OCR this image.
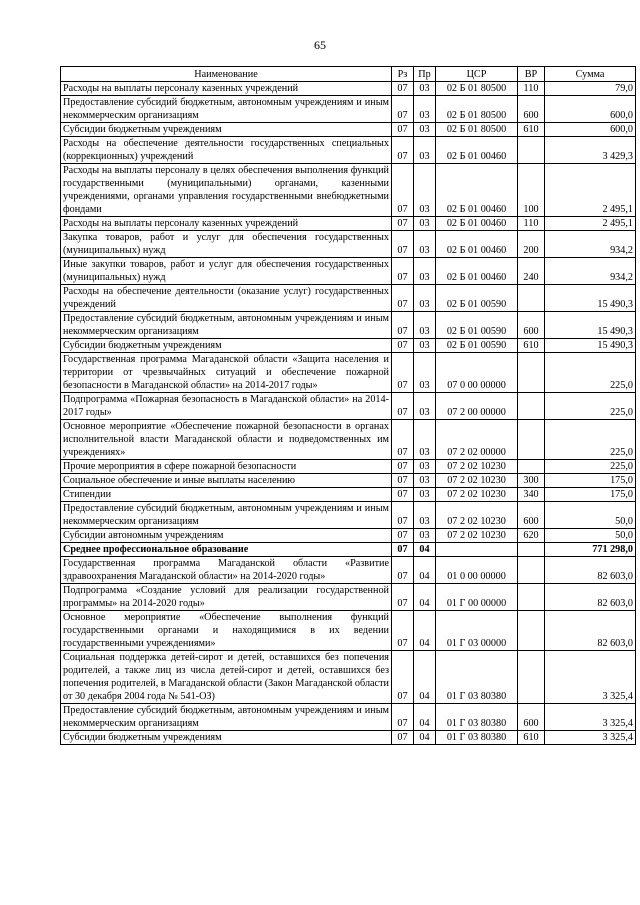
65
Наименование	Рз	Пр	ЦСР	ВР	Сумма
Расходы на выплаты персоналу казенных учреждений	07	03	02 Б 01 80500	110	79,0
Предоставление субсидий бюджетным, автономным учреждениям и иным некоммерческим организациям	07	03	02 Б 01 80500	600	600,0
Субсидии бюджетным учреждениям	07	03	02 Б 01 80500	610	600,0
Расходы на обеспечение деятельности государственных специальных (коррекционных) учреждений	07	03	02 Б 01 00460		3 429,3
Расходы на выплаты персоналу в целях обеспечения выполнения функций государственными (муниципальными) органами, казенными учреждениями, органами управления государственными внебюджетными фондами	07	03	02 Б 01 00460	100	2 495,1
Расходы на выплаты персоналу казенных учреждений	07	03	02 Б 01 00460	110	2 495,1
Закупка товаров, работ и услуг для обеспечения государственных (муниципальных) нужд	07	03	02 Б 01 00460	200	934,2
Иные закупки товаров, работ и услуг для обеспечения государственных (муниципальных) нужд	07	03	02 Б 01 00460	240	934,2
Расходы на обеспечение деятельности (оказание услуг) государственных учреждений	07	03	02 Б 01 00590		15 490,3
Предоставление субсидий бюджетным, автономным учреждениям и иным некоммерческим организациям	07	03	02 Б 01 00590	600	15 490,3
Субсидии бюджетным учреждениям	07	03	02 Б 01 00590	610	15 490,3
Государственная программа Магаданской области «Защита населения и территории от чрезвычайных ситуаций и обеспечение пожарной безопасности в Магаданской области» на 2014-2017 годы»	07	03	07 0 00 00000		225,0
Подпрограмма «Пожарная безопасность в Магаданской области» на 2014-2017 годы»	07	03	07 2 00 00000		225,0
Основное мероприятие «Обеспечение пожарной безопасности в органах исполнительной власти Магаданской области и подведомственных им учреждениях»	07	03	07 2 02 00000		225,0
Прочие мероприятия в сфере пожарной безопасности	07	03	07 2 02 10230		225,0
Социальное обеспечение и иные выплаты населению	07	03	07 2 02 10230	300	175,0
Стипендии	07	03	07 2 02 10230	340	175,0
Предоставление субсидий бюджетным, автономным учреждениям и иным некоммерческим организациям	07	03	07 2 02 10230	600	50,0
Субсидии автономным учреждениям	07	03	07 2 02 10230	620	50,0
Среднее профессиональное образование	07	04			771 298,0
Государственная программа Магаданской области «Развитие здравоохранения Магаданской области» на 2014-2020 годы»	07	04	01 0 00 00000		82 603,0
Подпрограмма «Создание условий для реализации государственной программы» на 2014-2020 годы»	07	04	01 Г 00 00000		82 603,0
Основное мероприятие «Обеспечение выполнения функций государственными органами и находящимися в их ведении государственными учреждениями»	07	04	01 Г 03 00000		82 603,0
Социальная поддержка детей-сирот и детей, оставшихся без попечения родителей, а также лиц из числа детей-сирот и детей, оставшихся без попечения родителей, в Магаданской области (Закон Магаданской области от 30 декабря 2004 года № 541-ОЗ)	07	04	01 Г 03 80380		3 325,4
Предоставление субсидий бюджетным, автономным учреждениям и иным некоммерческим организациям	07	04	01 Г 03 80380	600	3 325,4
Субсидии бюджетным учреждениям	07	04	01 Г 03 80380	610	3 325,4
